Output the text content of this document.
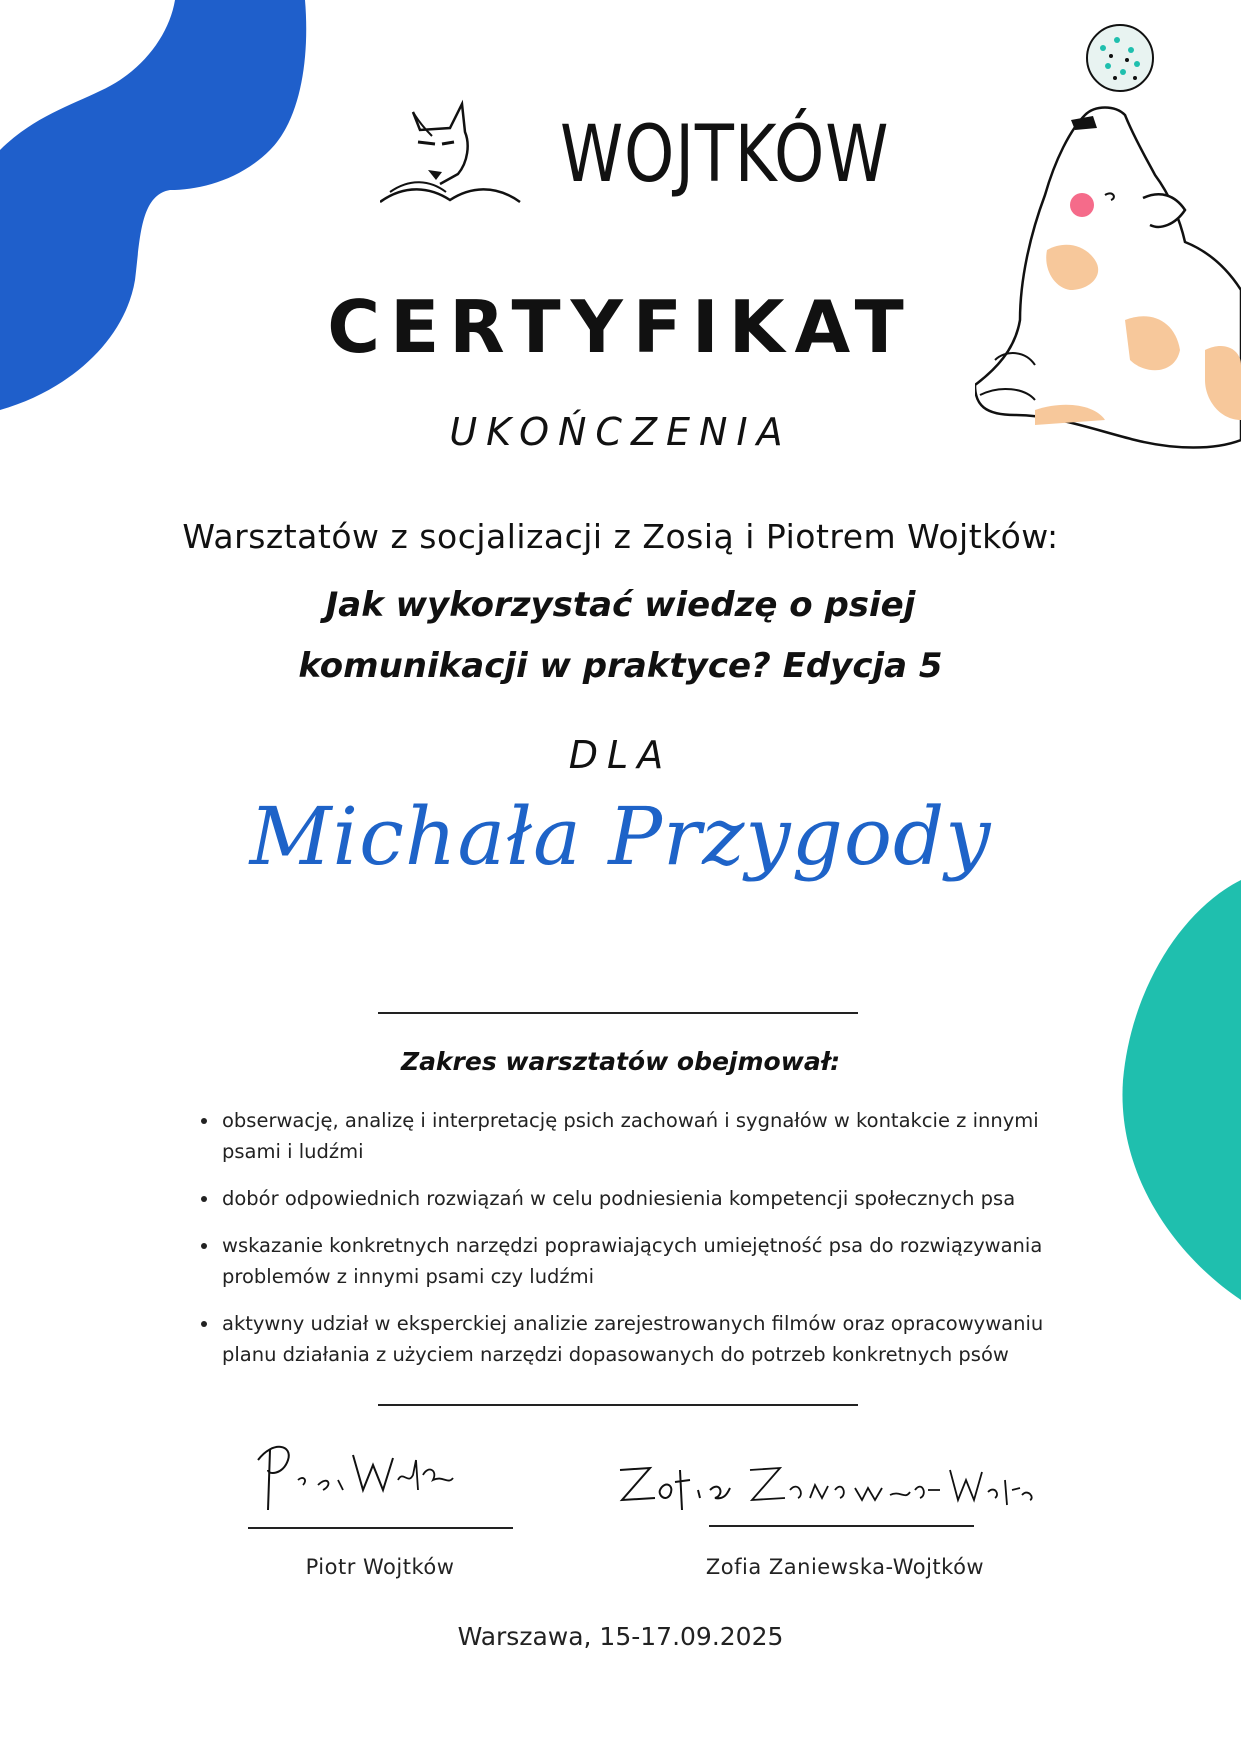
WOJTKÓW
CERTYFIKAT
UKOŃCZENIA
Warsztatów z socjalizacji z Zosią i Piotrem Wojtków:
Jak wykorzystać wiedzę o psiej
komunikacji w praktyce? Edycja 5
DLA
Michała Przygody
Zakres warsztatów obejmował:
• obserwację, analizę i interpretację psich zachowań i sygnałów w kontakcie z innymi psami i ludźmi
• dobór odpowiednich rozwiązań w celu podniesienia kompetencji społecznych psa
• wskazanie konkretnych narzędzi poprawiających umiejętność psa do rozwiązywania problemów z innymi psami czy ludźmi
• aktywny udział w eksperckiej analizie zarejestrowanych filmów oraz opracowywaniu planu działania z użyciem narzędzi dopasowanych do potrzeb konkretnych psów
Piotr Wojtków	Zofia Zaniewska-Wojtków
Warszawa, 15-17.09.2025
